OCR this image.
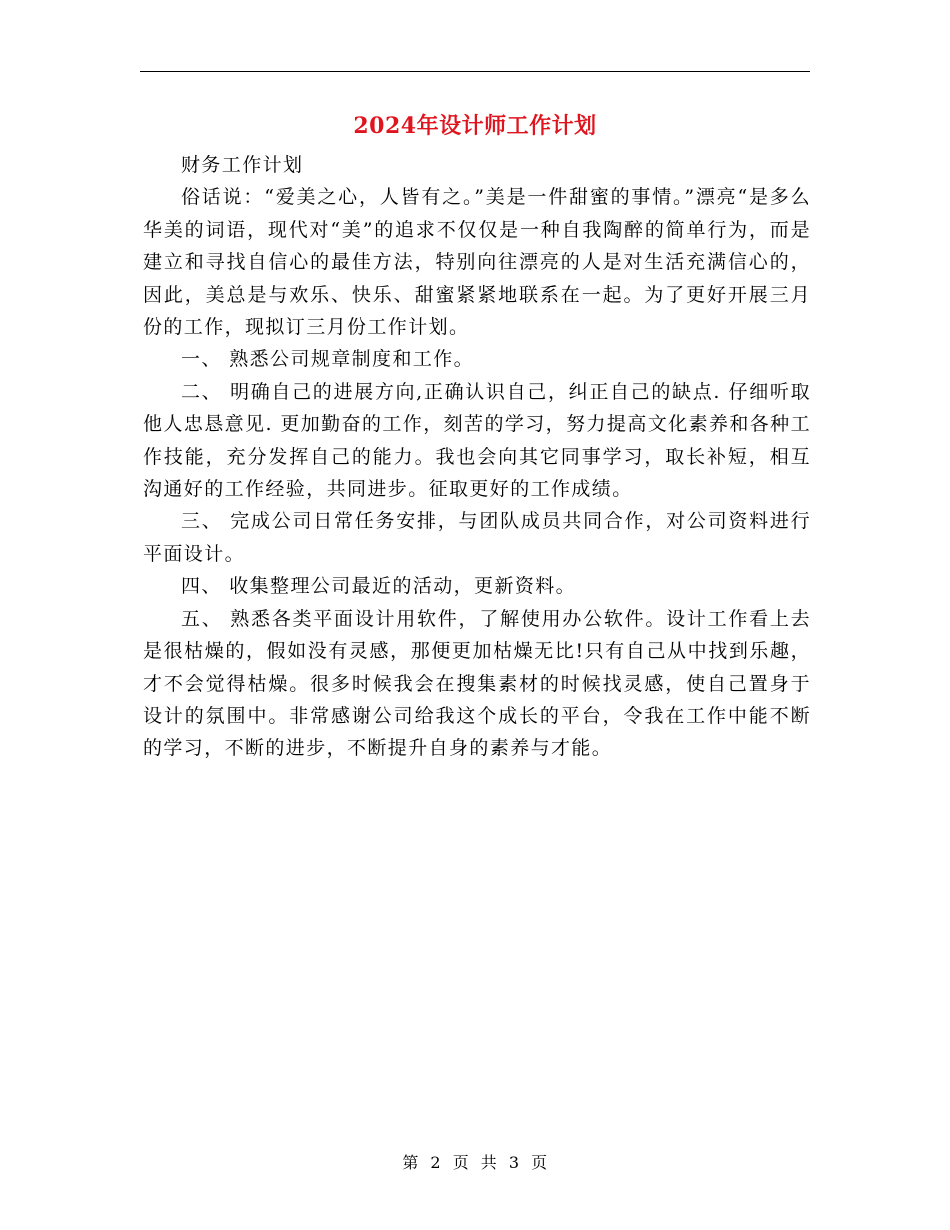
2024年设计师工作计划

财务工作计划

俗话说：“爱美之心，人皆有之。”美是一件甜蜜的事情。”漂亮“是多么华美的词语，现代对“美”的追求不仅仅是一种自我陶醉的简单行为，而是建立和寻找自信心的最佳方法，特别向往漂亮的人是对生活充满信心的，因此，美总是与欢乐、快乐、甜蜜紧紧地联系在一起。为了更好开展三月份的工作，现拟订三月份工作计划。

一、 熟悉公司规章制度和工作。

二、 明确自己的进展方向,正确认识自己，纠正自己的缺点. 仔细听取他人忠恳意见. 更加勤奋的工作，刻苦的学习，努力提高文化素养和各种工作技能，充分发挥自己的能力。我也会向其它同事学习，取长补短，相互沟通好的工作经验，共同进步。征取更好的工作成绩。

三、 完成公司日常任务安排，与团队成员共同合作，对公司资料进行平面设计。

四、 收集整理公司最近的活动，更新资料。

五、 熟悉各类平面设计用软件，了解使用办公软件。设计工作看上去是很枯燥的，假如没有灵感，那便更加枯燥无比!只有自己从中找到乐趣，才不会觉得枯燥。很多时候我会在搜集素材的时候找灵感，使自己置身于设计的氛围中。非常感谢公司给我这个成长的平台，令我在工作中能不断的学习，不断的进步，不断提升自身的素养与才能。

第 2 页 共 3 页
